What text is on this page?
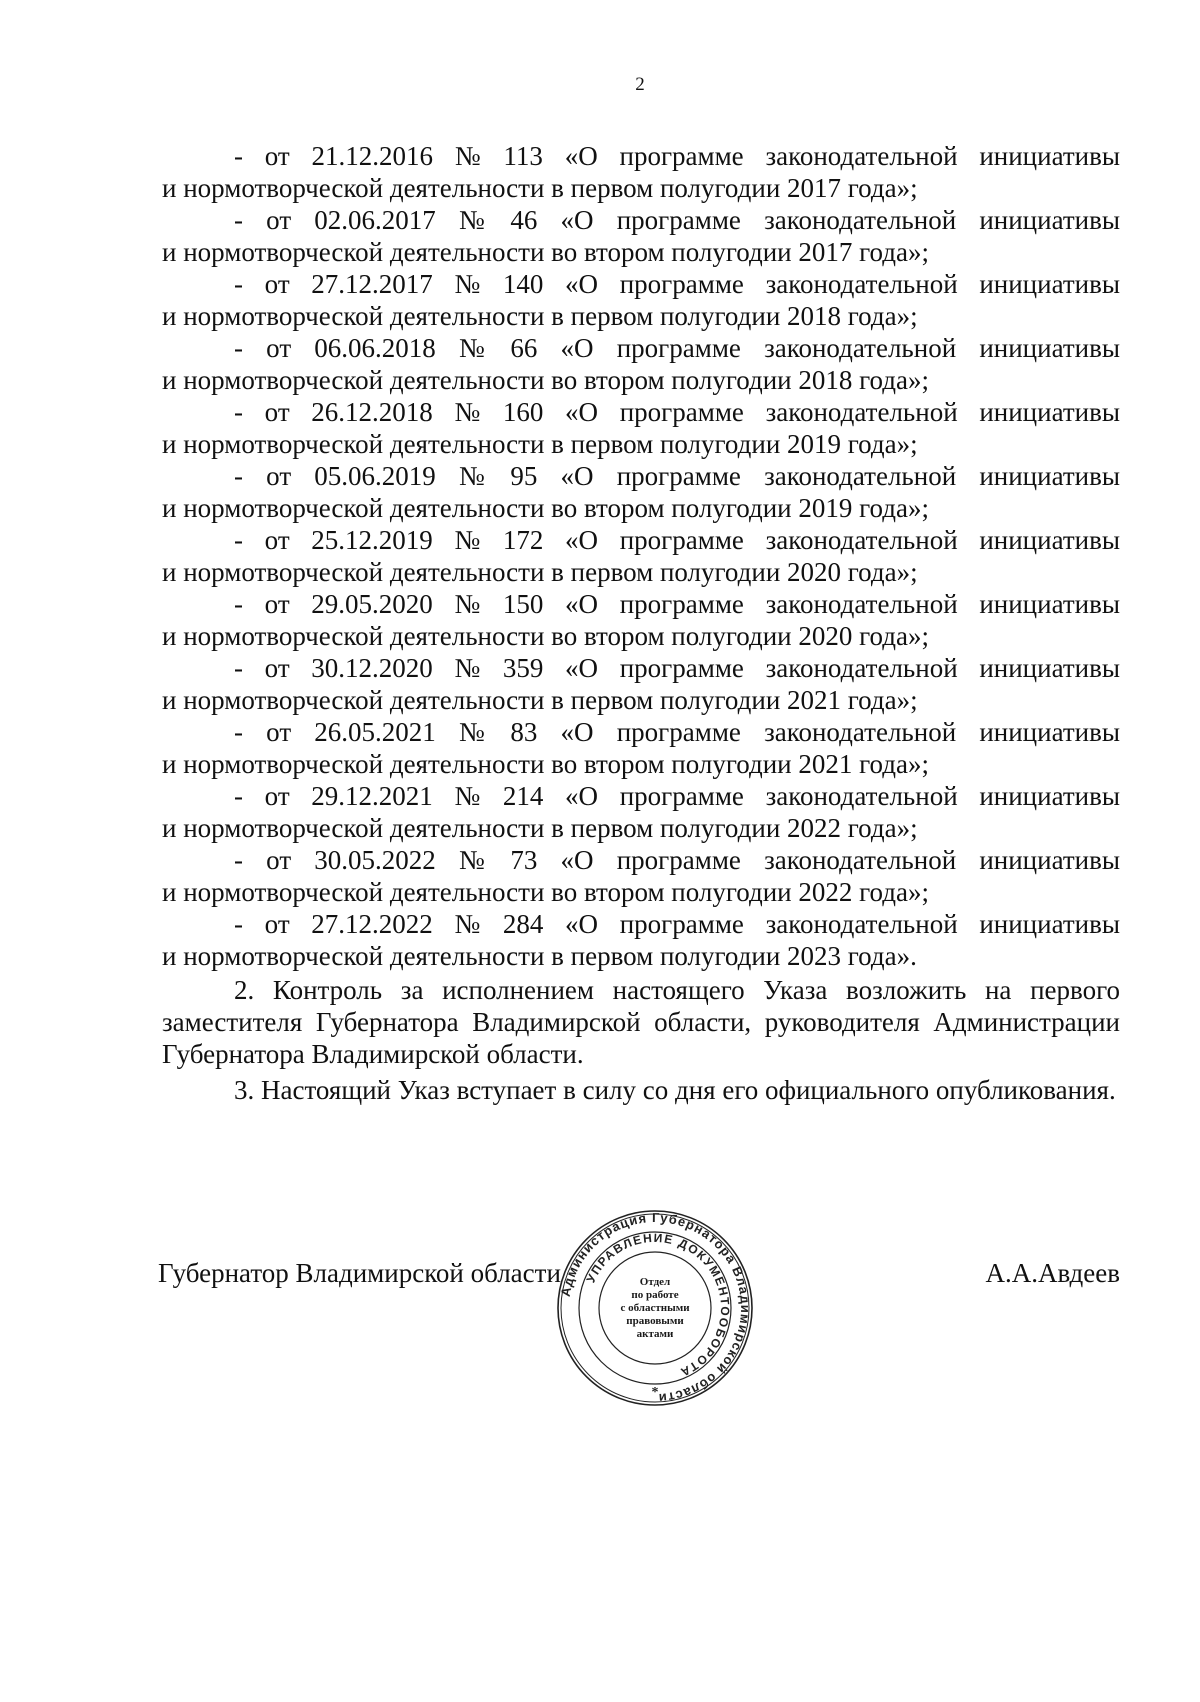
2
- от 21.12.2016 № 113 «О программе законодательной инициативы
и нормотворческой деятельности в первом полугодии 2017 года»;
- от 02.06.2017 № 46 «О программе законодательной инициативы
и нормотворческой деятельности во втором полугодии 2017 года»;
- от 27.12.2017 № 140 «О программе законодательной инициативы
и нормотворческой деятельности в первом полугодии 2018 года»;
- от 06.06.2018 № 66 «О программе законодательной инициативы
и нормотворческой деятельности во втором полугодии 2018 года»;
- от 26.12.2018 № 160 «О программе законодательной инициативы
и нормотворческой деятельности в первом полугодии 2019 года»;
- от 05.06.2019 № 95 «О программе законодательной инициативы
и нормотворческой деятельности во втором полугодии 2019 года»;
- от 25.12.2019 № 172 «О программе законодательной инициативы
и нормотворческой деятельности в первом полугодии 2020 года»;
- от 29.05.2020 № 150 «О программе законодательной инициативы
и нормотворческой деятельности во втором полугодии 2020 года»;
- от 30.12.2020 № 359 «О программе законодательной инициативы
и нормотворческой деятельности в первом полугодии 2021 года»;
- от 26.05.2021 № 83 «О программе законодательной инициативы
и нормотворческой деятельности во втором полугодии 2021 года»;
- от 29.12.2021 № 214 «О программе законодательной инициативы
и нормотворческой деятельности в первом полугодии 2022 года»;
- от 30.05.2022 № 73 «О программе законодательной инициативы
и нормотворческой деятельности во втором полугодии 2022 года»;
- от 27.12.2022 № 284 «О программе законодательной инициативы
и нормотворческой деятельности в первом полугодии 2023 года».

2. Контроль за исполнением настоящего Указа возложить на первого заместителя Губернатора Владимирской области, руководителя Администрации Губернатора Владимирской области.

3. Настоящий Указ вступает в силу со дня его официального опубликования.

Губернатор Владимирской области	А.А.Авдеев
Администрация Губернатора Владимирской области
УПРАВЛЕНИЕ ДОКУМЕНТООБОРОТА
*
Отдел
по работе
с областными
правовыми
актами
